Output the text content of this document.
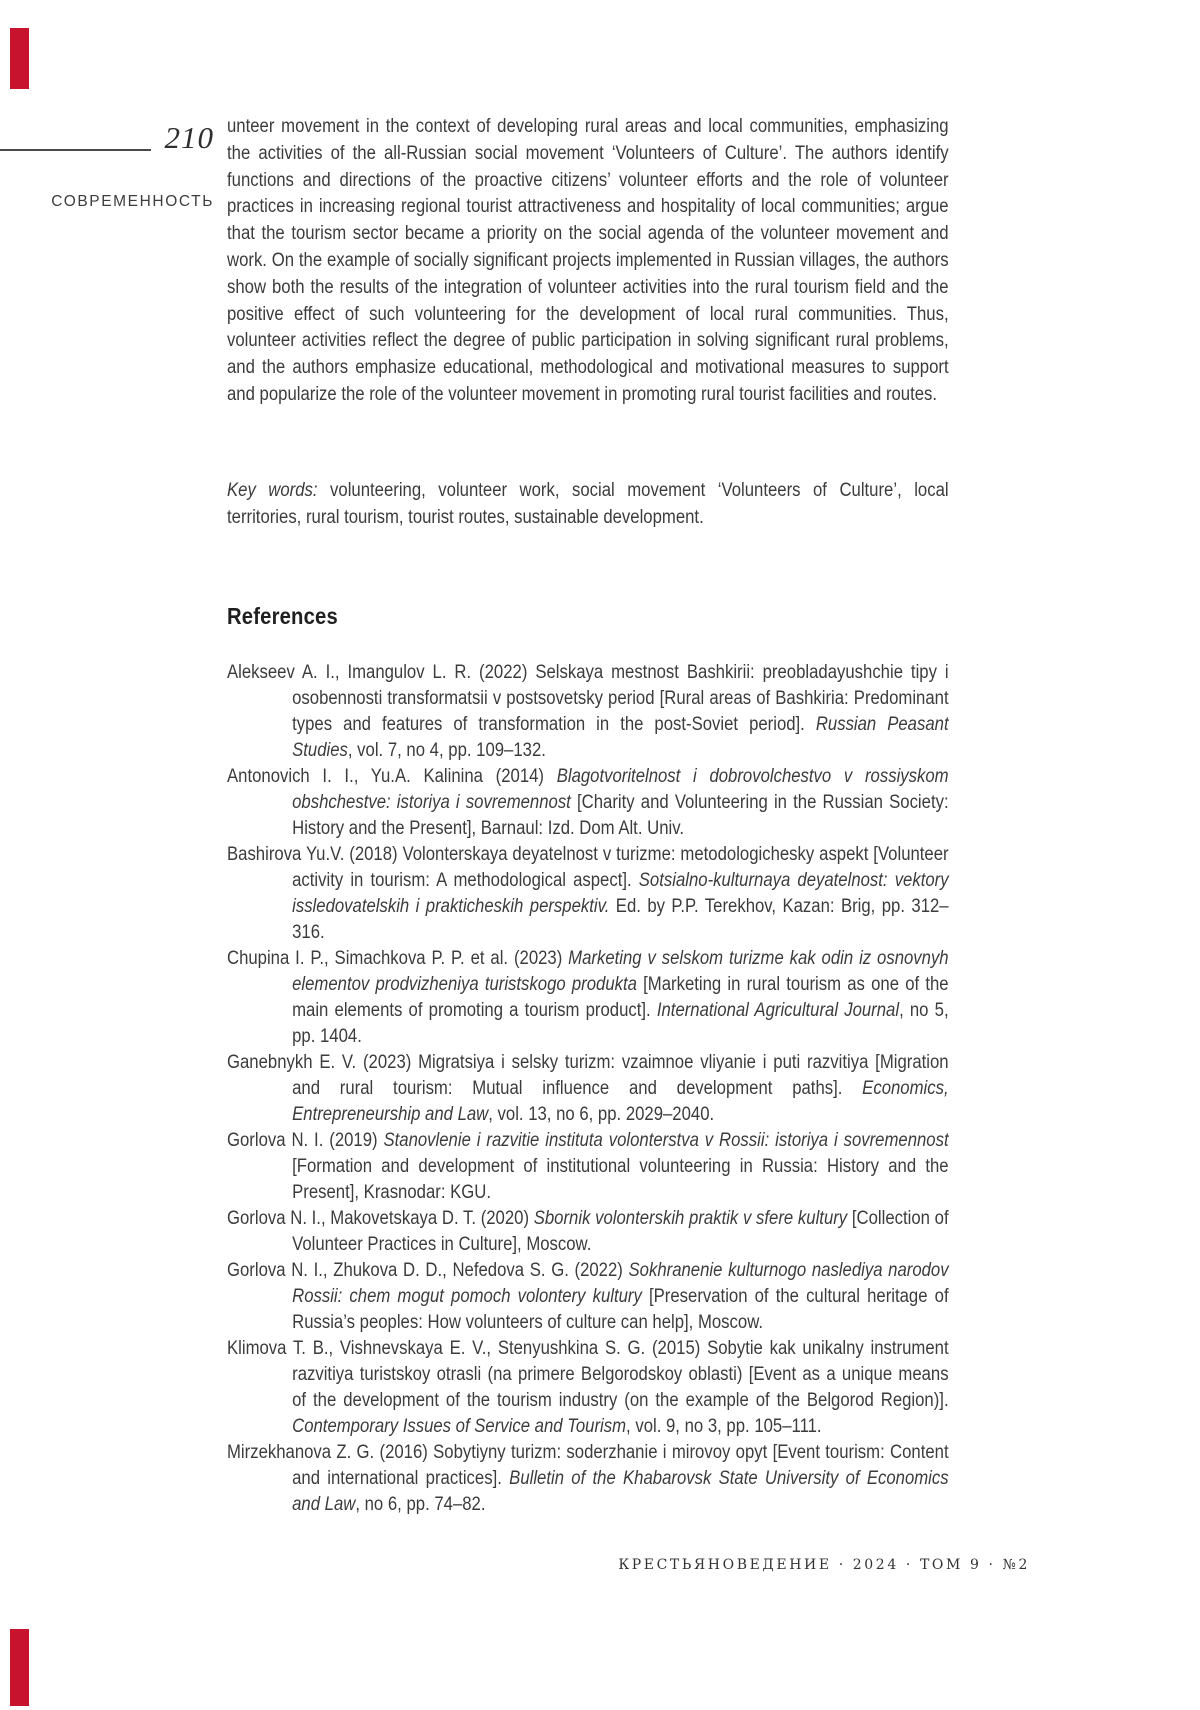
210
СОВРЕМЕННОСТЬ

unteer movement in the context of developing rural areas and local communities, emphasizing the activities of the all-Russian social movement ‘Volunteers of Culture’. The authors identify functions and directions of the proactive citizens’ volunteer efforts and the role of volunteer practices in increasing regional tourist attractiveness and hospitality of local communities; argue that the tourism sector became a priority on the social agenda of the volunteer movement and work. On the example of socially significant projects implemented in Russian villages, the authors show both the results of the integration of volunteer activities into the rural tourism field and the positive effect of such volunteering for the development of local rural communities. Thus, volunteer activities reflect the degree of public participation in solving significant rural problems, and the authors emphasize educational, methodological and motivational measures to support and popularize the role of the volunteer movement in promoting rural tourist facilities and routes.

Key words: volunteering, volunteer work, social movement ‘Volunteers of Culture’, local territories, rural tourism, tourist routes, sustainable development.

References

Alekseev A. I., Imangulov L. R. (2022) Selskaya mestnost Bashkirii: preobladayushchie tipy i osobennosti transformatsii v postsovetsky period [Rural areas of Bashkiria: Predominant types and features of transformation in the post-Soviet period]. Russian Peasant Studies, vol. 7, no 4, pp. 109–132.

Antonovich I. I., Yu.A. Kalinina (2014) Blagotvoritelnost i dobrovolchestvo v rossiyskom obshchestve: istoriya i sovremennost [Charity and Volunteering in the Russian Society: History and the Present], Barnaul: Izd. Dom Alt. Univ.

Bashirova Yu.V. (2018) Volonterskaya deyatelnost v turizme: metodologichesky aspekt [Volunteer activity in tourism: A methodological aspect]. Sotsialno-kulturnaya deyatelnost: vektory issledovatelskih i prakticheskih perspektiv. Ed. by P.P. Terekhov, Kazan: Brig, pp. 312–316.

Chupina I. P., Simachkova P. P. et al. (2023) Marketing v selskom turizme kak odin iz osnovnyh elementov prodvizheniya turistskogo produkta [Marketing in rural tourism as one of the main elements of promoting a tourism product]. International Agricultural Journal, no 5, pp. 1404.

Ganebnykh E. V. (2023) Migratsiya i selsky turizm: vzaimnoe vliyanie i puti razvitiya [Migration and rural tourism: Mutual influence and development paths]. Economics, Entrepreneurship and Law, vol. 13, no 6, pp. 2029–2040.

Gorlova N. I. (2019) Stanovlenie i razvitie instituta volonterstva v Rossii: istoriya i sovremennost [Formation and development of institutional volunteering in Russia: History and the Present], Krasnodar: KGU.

Gorlova N. I., Makovetskaya D. T. (2020) Sbornik volonterskih praktik v sfere kultury [Collection of Volunteer Practices in Culture], Moscow.

Gorlova N. I., Zhukova D. D., Nefedova S. G. (2022) Sokhranenie kulturnogo naslediya narodov Rossii: chem mogut pomoch volontery kultury [Preservation of the cultural heritage of Russia’s peoples: How volunteers of culture can help], Moscow.

Klimova T. B., Vishnevskaya E. V., Stenyushkina S. G. (2015) Sobytie kak unikalny instrument razvitiya turistskoy otrasli (na primere Belgorodskoy oblasti) [Event as a unique means of the development of the tourism industry (on the example of the Belgorod Region)]. Contemporary Issues of Service and Tourism, vol. 9, no 3, pp. 105–111.

Mirzekhanova Z. G. (2016) Sobytiyny turizm: soderzhanie i mirovoy opyt [Event tourism: Content and international practices]. Bulletin of the Khabarovsk State University of Economics and Law, no 6, pp. 74–82.

КРЕСТЬЯНОВЕДЕНИЕ · 2024 · ТОМ 9 · №2
